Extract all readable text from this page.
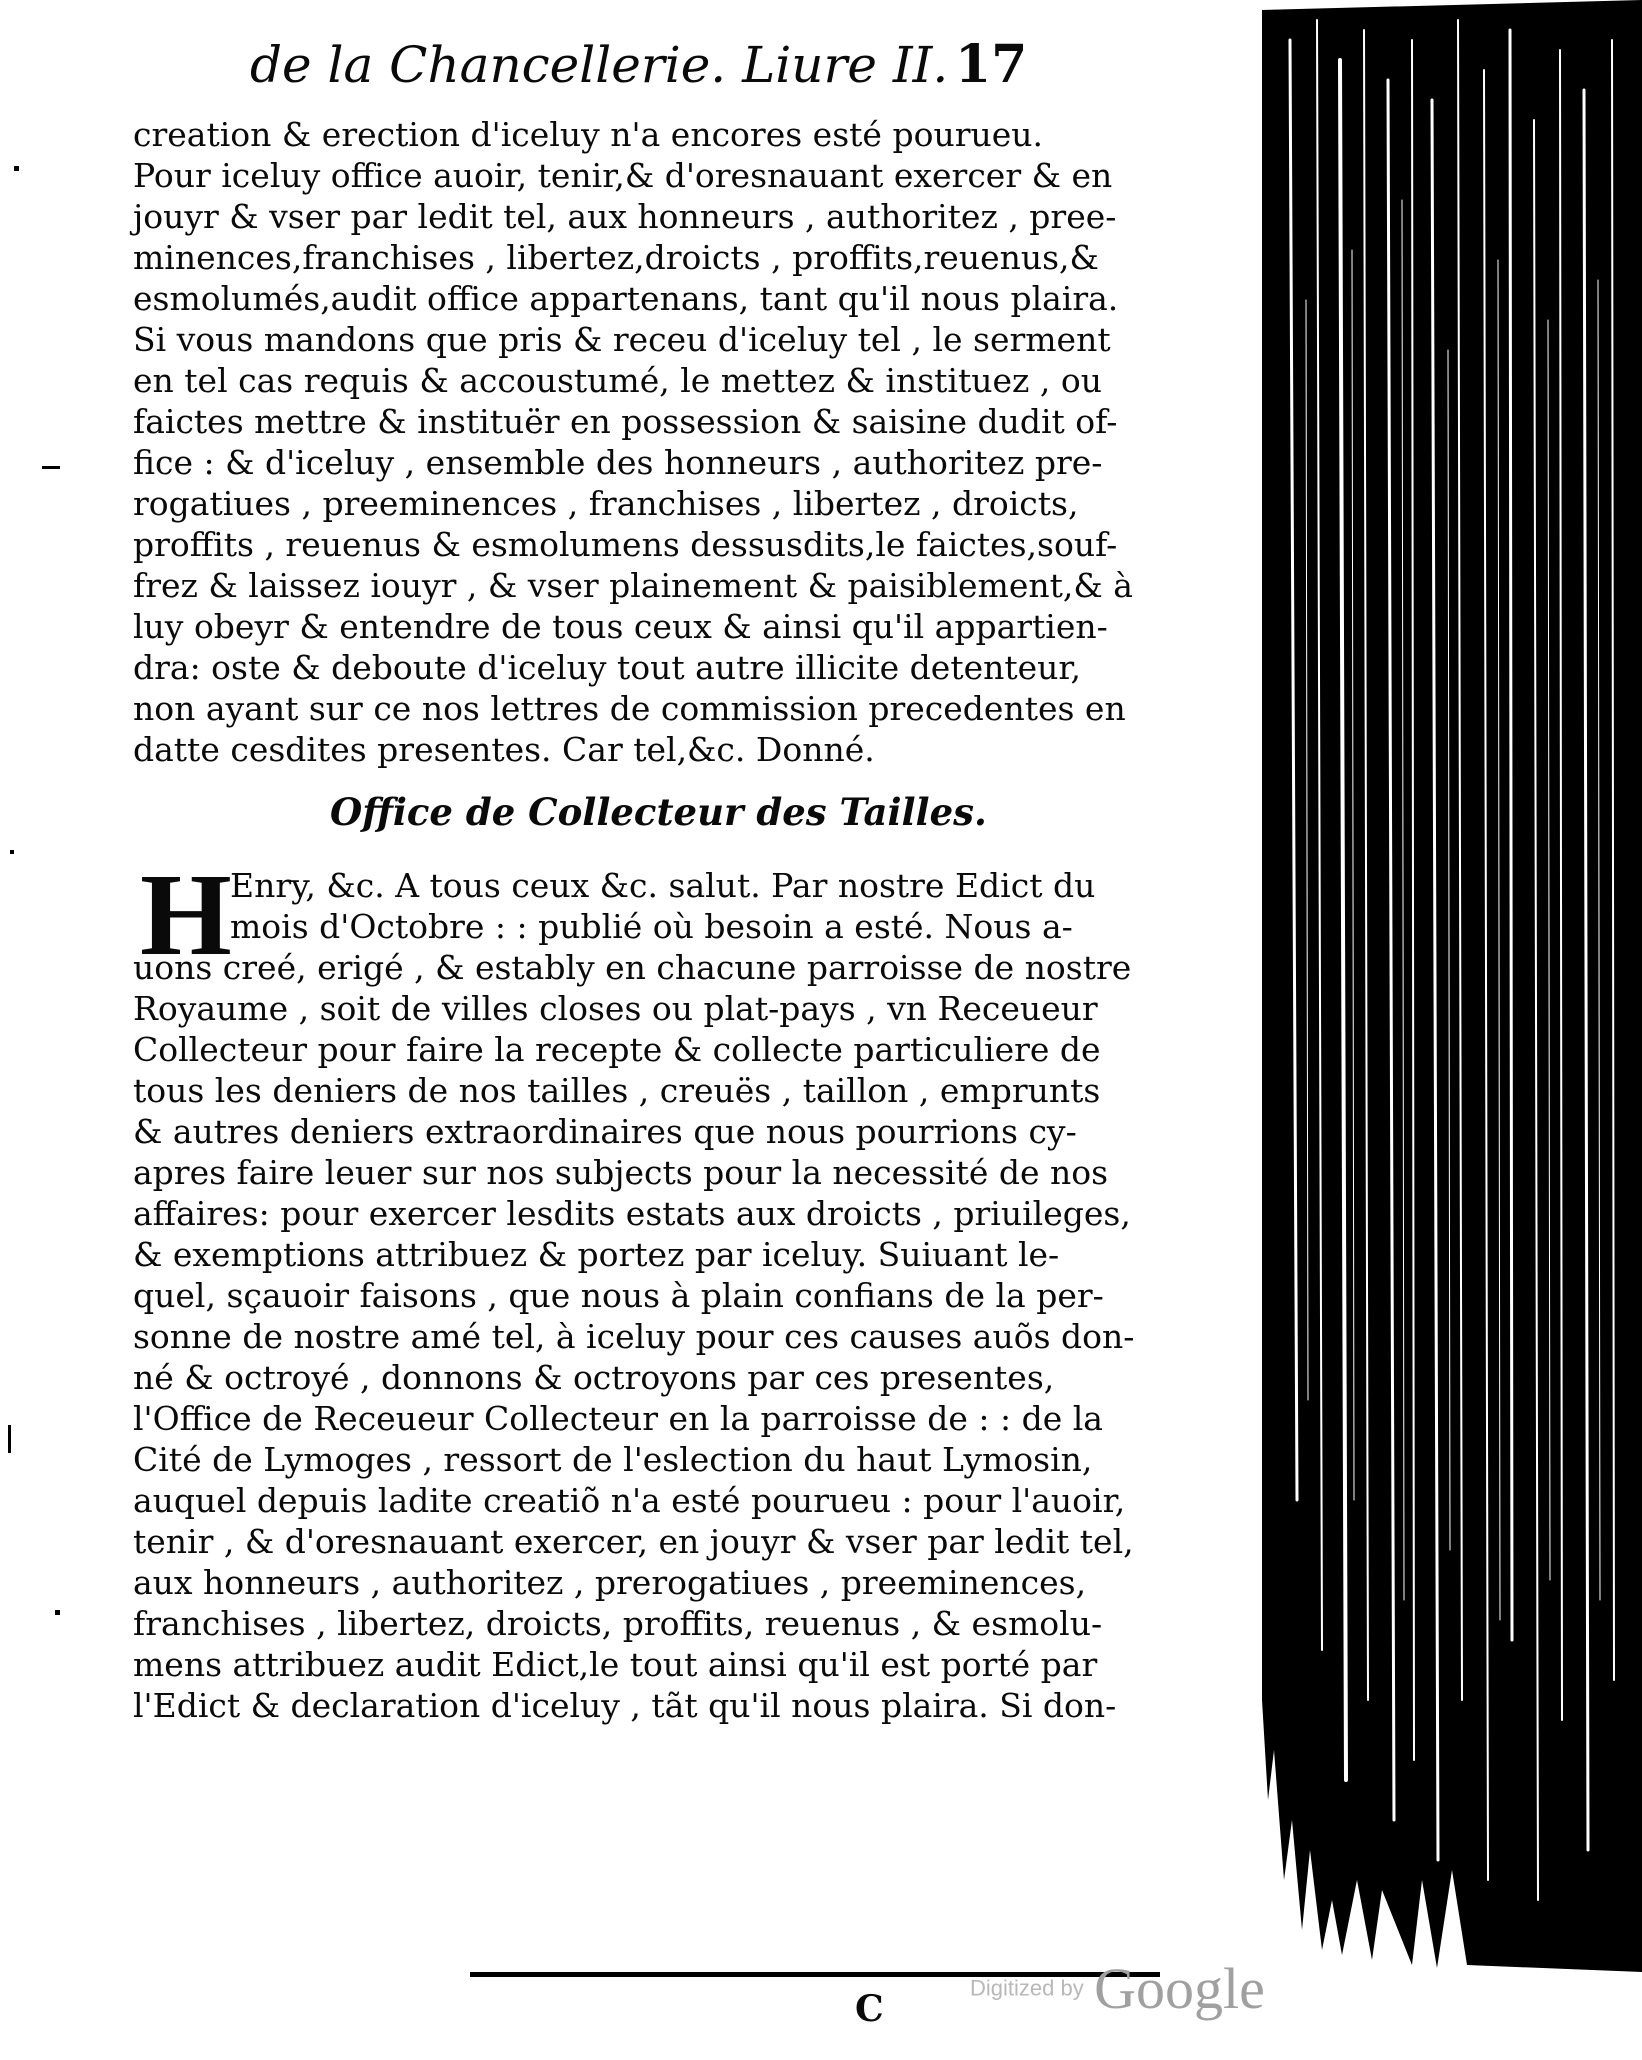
de la Chancellerie. Liure II. 17
creation & erection d'iceluy n'a encores esté pourueu.
Pour iceluy office auoir, tenir,& d'oresnauant exercer & en
jouyr & vser par ledit tel, aux honneurs , authoritez , pree-
minences,franchises , libertez,droicts , proffits,reuenus,&
esmolumés,audit office appartenans, tant qu'il nous plaira.
Si vous mandons que pris & receu d'iceluy tel , le serment
en tel cas requis & accoustumé, le mettez & instituez , ou
faictes mettre & instituër en possession & saisine dudit of-
fice : & d'iceluy , ensemble des honneurs , authoritez pre-
rogatiues , preeminences , franchises , libertez , droicts,
proffits , reuenus & esmolumens dessusdits,le faictes,souf-
frez & laissez iouyr , & vser plainement & paisiblement,& à
luy obeyr & entendre de tous ceux & ainsi qu'il appartien-
dra: oste & deboute d'iceluy tout autre illicite detenteur,
non ayant sur ce nos lettres de commission precedentes en
datte cesdites presentes. Car tel,&c. Donné.
Office de Collecteur des Tailles.
H
Enry, &c. A tous ceux &c. salut. Par nostre Edict du
mois d'Octobre : : publié où besoin a esté. Nous a-
uons creé, erigé , & estably en chacune parroisse de nostre
Royaume , soit de villes closes ou plat-pays , vn Receueur
Collecteur pour faire la recepte & collecte particuliere de
tous les deniers de nos tailles , creuës , taillon , emprunts
& autres deniers extraordinaires que nous pourrions cy-
apres faire leuer sur nos subjects pour la necessité de nos
affaires: pour exercer lesdits estats aux droicts , priuileges,
& exemptions attribuez & portez par iceluy. Suiuant le-
quel, sçauoir faisons , que nous à plain confians de la per-
sonne de nostre amé tel, à iceluy pour ces causes auõs don-
né & octroyé , donnons & octroyons par ces presentes,
l'Office de Receueur Collecteur en la parroisse de : : de la
Cité de Lymoges , ressort de l'eslection du haut Lymosin,
auquel depuis ladite creatiõ n'a esté pourueu : pour l'auoir,
tenir , & d'oresnauant exercer, en jouyr & vser par ledit tel,
aux honneurs , authoritez , prerogatiues , preeminences,
franchises , libertez, droicts, proffits, reuenus , & esmolu-
mens attribuez audit Edict,le tout ainsi qu'il est porté par
l'Edict & declaration d'iceluy , tãt qu'il nous plaira. Si don-
C	Digitized by Google
